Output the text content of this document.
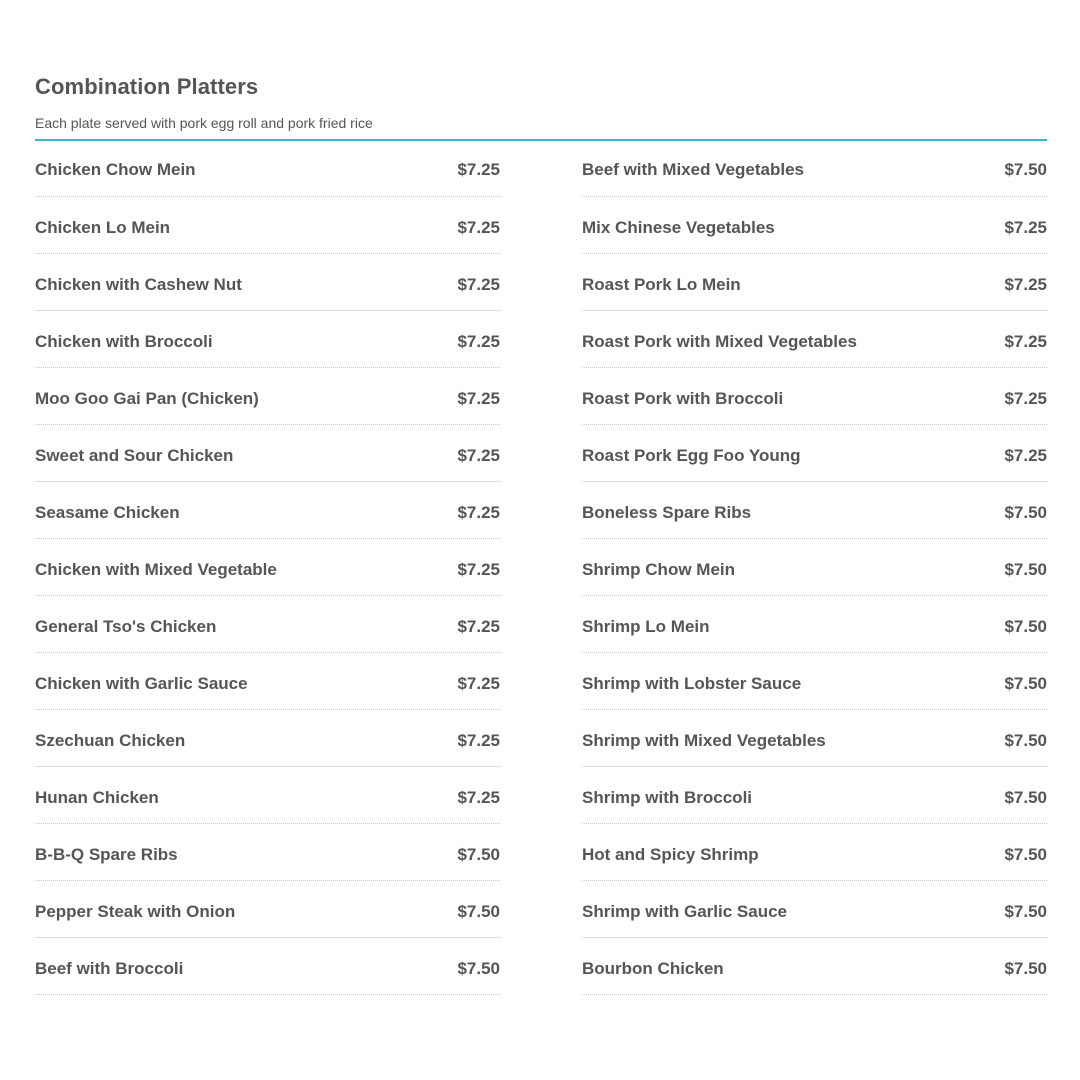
Combination Platters
Each plate served with pork egg roll and pork fried rice
Chicken Chow Mein	$7.25
Chicken Lo Mein	$7.25
Chicken with Cashew Nut	$7.25
Chicken with Broccoli	$7.25
Moo Goo Gai Pan (Chicken)	$7.25
Sweet and Sour Chicken	$7.25
Seasame Chicken	$7.25
Chicken with Mixed Vegetable	$7.25
General Tso's Chicken	$7.25
Chicken with Garlic Sauce	$7.25
Szechuan Chicken	$7.25
Hunan Chicken	$7.25
B-B-Q Spare Ribs	$7.50
Pepper Steak with Onion	$7.50
Beef with Broccoli	$7.50
Beef with Mixed Vegetables	$7.50
Mix Chinese Vegetables	$7.25
Roast Pork Lo Mein	$7.25
Roast Pork with Mixed Vegetables	$7.25
Roast Pork with Broccoli	$7.25
Roast Pork Egg Foo Young	$7.25
Boneless Spare Ribs	$7.50
Shrimp Chow Mein	$7.50
Shrimp Lo Mein	$7.50
Shrimp with Lobster Sauce	$7.50
Shrimp with Mixed Vegetables	$7.50
Shrimp with Broccoli	$7.50
Hot and Spicy Shrimp	$7.50
Shrimp with Garlic Sauce	$7.50
Bourbon Chicken	$7.50
